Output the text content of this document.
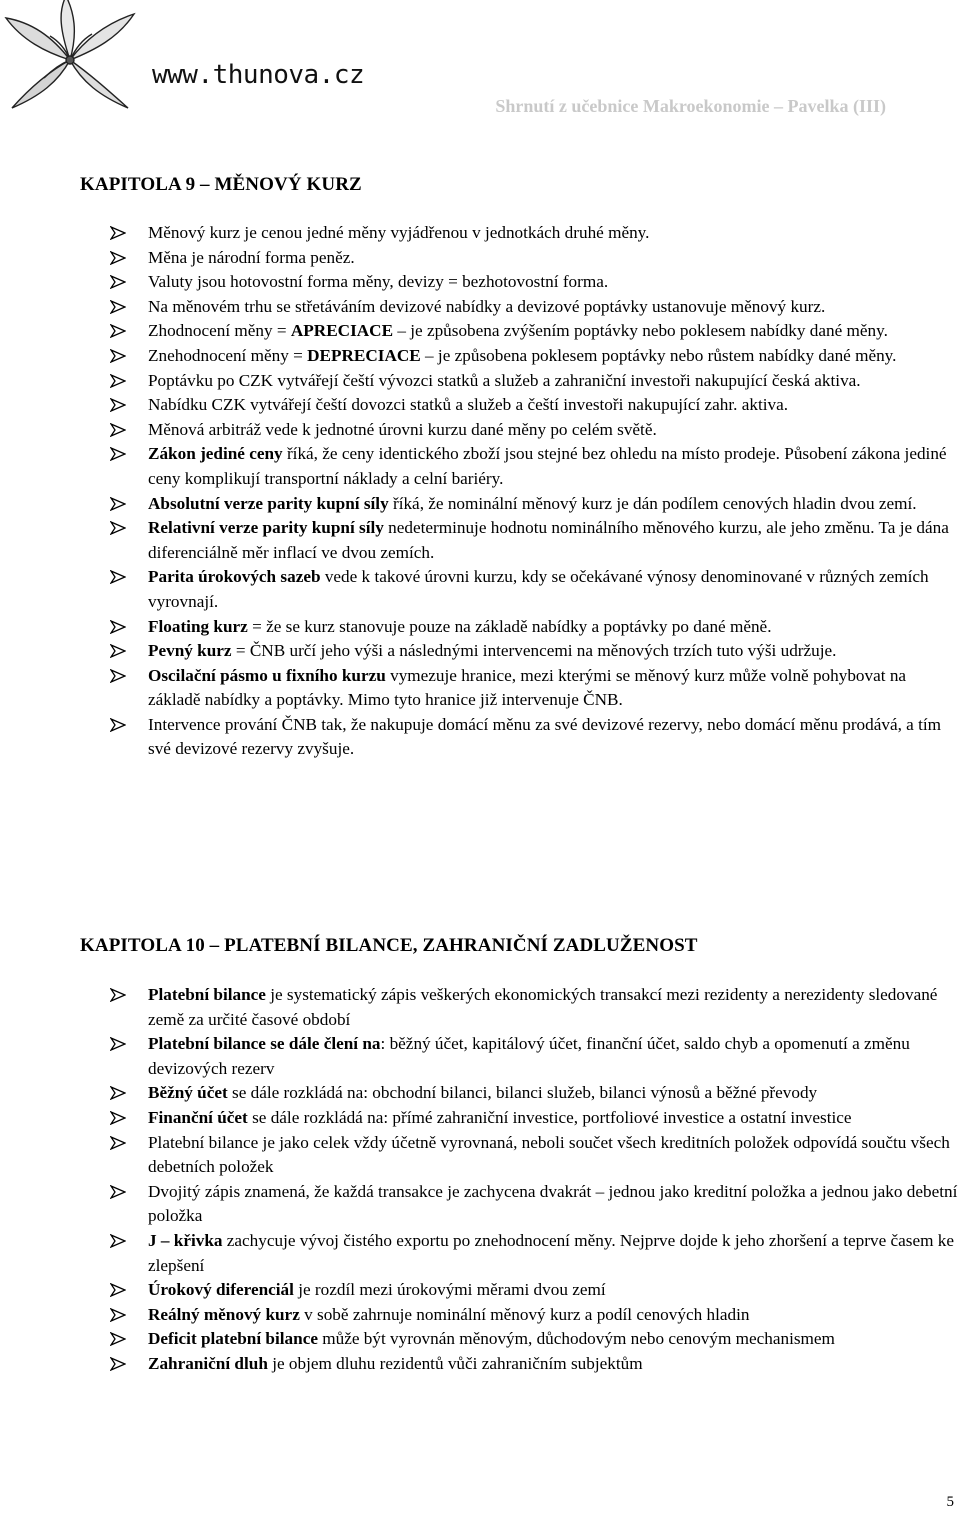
www.thunova.cz
Shrnutí z učebnice Makroekonomie – Pavelka (III)
KAPITOLA 9 – MĚNOVÝ KURZ
Měnový kurz je cenou jedné měny vyjádřenou v jednotkách druhé měny.
Měna je národní forma peněz.
Valuty jsou hotovostní forma měny, devizy = bezhotovostní forma.
Na měnovém trhu se střetáváním devizové nabídky a devizové poptávky ustanovuje měnový kurz.
Zhodnocení měny = APRECIACE – je způsobena zvýšením poptávky nebo poklesem nabídky dané měny.
Znehodnocení měny = DEPRECIACE – je způsobena poklesem poptávky nebo růstem nabídky dané měny.
Poptávku po CZK vytvářejí čeští vývozci statků a služeb a zahraniční investoři nakupující česká aktiva.
Nabídku CZK vytvářejí čeští dovozci statků a služeb a čeští investoři nakupující zahr. aktiva.
Měnová arbitráž vede k jednotné úrovni kurzu dané měny po celém světě.
Zákon jediné ceny říká, že ceny identického zboží jsou stejné bez ohledu na místo prodeje. Působení zákona jediné ceny komplikují transportní náklady a celní bariéry.
Absolutní verze parity kupní síly říká, že nominální měnový kurz je dán podílem cenových hladin dvou zemí.
Relativní verze parity kupní síly nedeterminuje hodnotu nominálního měnového kurzu, ale jeho změnu. Ta je dána diferenciálně měr inflací ve dvou zemích.
Parita úrokových sazeb vede k takové úrovni kurzu, kdy se očekávané výnosy denominované v různých zemích vyrovnají.
Floating kurz = že se kurz stanovuje pouze na základě nabídky a poptávky po dané měně.
Pevný kurz = ČNB určí jeho výši a následnými intervencemi na měnových trzích tuto výši udržuje.
Oscilační pásmo u fixního kurzu vymezuje hranice, mezi kterými se měnový kurz může volně pohybovat na základě nabídky a poptávky. Mimo tyto hranice již intervenuje ČNB.
Intervence prování ČNB tak, že nakupuje domácí měnu za své devizové rezervy, nebo domácí měnu prodává, a tím své devizové rezervy zvyšuje.
KAPITOLA 10 – PLATEBNÍ BILANCE, ZAHRANIČNÍ ZADLUŽENOST
Platební bilance je systematický zápis veškerých ekonomických transakcí mezi rezidenty a nerezidenty sledované země za určité časové období
Platební bilance se dále člení na: běžný účet, kapitálový účet, finanční účet, saldo chyb a opomenutí a změnu devizových rezerv
Běžný účet se dále rozkládá na: obchodní bilanci, bilanci služeb, bilanci výnosů a běžné převody
Finanční účet se dále rozkládá na: přímé zahraniční investice, portfoliové investice a ostatní investice
Platební bilance je jako celek vždy účetně vyrovnaná, neboli součet všech kreditních položek odpovídá součtu všech debetních položek
Dvojitý zápis znamená, že každá transakce je zachycena dvakrát – jednou jako kreditní položka a jednou jako debetní položka
J – křivka zachycuje vývoj čistého exportu po znehodnocení měny. Nejprve dojde k jeho zhoršení a teprve časem ke zlepšení
Úrokový diferenciál je rozdíl mezi úrokovými měrami dvou zemí
Reálný měnový kurz v sobě zahrnuje nominální měnový kurz a podíl cenových hladin
Deficit platební bilance může být vyrovnán měnovým, důchodovým nebo cenovým mechanismem
Zahraniční dluh je objem dluhu rezidentů vůči zahraničním subjektům
5
